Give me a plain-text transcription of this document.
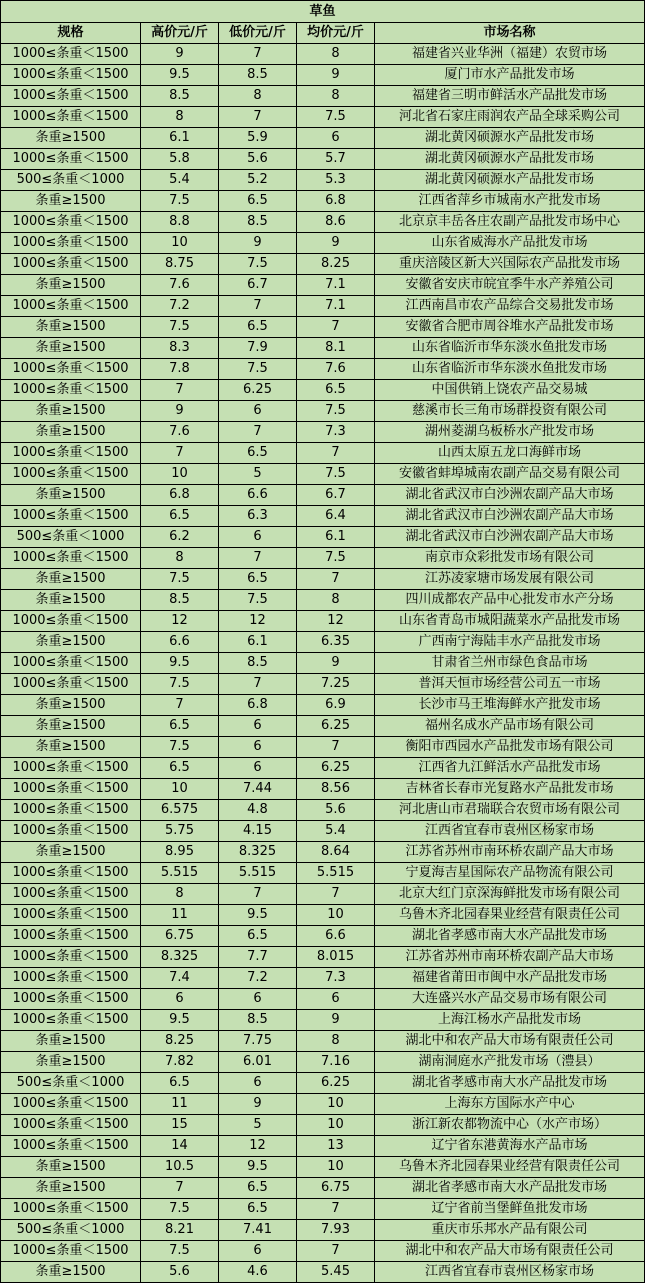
草鱼				
规格	高价元/斤	低价元/斤	均价元/斤	市场名称
1000≤条重＜1500	9	7	8	福建省兴业华洲（福建）农贸市场
1000≤条重＜1500	9.5	8.5	9	厦门市水产品批发市场
1000≤条重＜1500	8.5	8	8	福建省三明市鲜活水产品批发市场
1000≤条重＜1500	8	7	7.5	河北省石家庄雨润农产品全球采购公司
条重≥1500	6.1	5.9	6	湖北黄冈硕源水产品批发市场
1000≤条重＜1500	5.8	5.6	5.7	湖北黄冈硕源水产品批发市场
500≤条重＜1000	5.4	5.2	5.3	湖北黄冈硕源水产品批发市场
条重≥1500	7.5	6.5	6.8	江西省萍乡市城南水产批发市场
1000≤条重＜1500	8.8	8.5	8.6	北京京丰岳各庄农副产品批发市场中心
1000≤条重＜1500	10	9	9	山东省威海水产品批发市场
1000≤条重＜1500	8.75	7.5	8.25	重庆涪陵区新大兴国际农产品批发市场
条重≥1500	7.6	6.7	7.1	安徽省安庆市皖宜季牛水产养殖公司
1000≤条重＜1500	7.2	7	7.1	江西南昌市农产品综合交易批发市场
条重≥1500	7.5	6.5	7	安徽省合肥市周谷堆水产品批发市场
条重≥1500	8.3	7.9	8.1	山东省临沂市华东淡水鱼批发市场
1000≤条重＜1500	7.8	7.5	7.6	山东省临沂市华东淡水鱼批发市场
1000≤条重＜1500	7	6.25	6.5	中国供销上饶农产品交易城
条重≥1500	9	6	7.5	慈溪市长三角市场群投资有限公司
条重≥1500	7.6	7	7.3	湖州菱湖乌板桥水产批发市场
1000≤条重＜1500	7	6.5	7	山西太原五龙口海鲜市场
1000≤条重＜1500	10	5	7.5	安徽省蚌埠城南农副产品交易有限公司
条重≥1500	6.8	6.6	6.7	湖北省武汉市白沙洲农副产品大市场
1000≤条重＜1500	6.5	6.3	6.4	湖北省武汉市白沙洲农副产品大市场
500≤条重＜1000	6.2	6	6.1	湖北省武汉市白沙洲农副产品大市场
1000≤条重＜1500	8	7	7.5	南京市众彩批发市场有限公司
条重≥1500	7.5	6.5	7	江苏凌家塘市场发展有限公司
条重≥1500	8.5	7.5	8	四川成都农产品中心批发市水产分场
1000≤条重＜1500	12	12	12	山东省青岛市城阳蔬菜水产品批发市场
条重≥1500	6.6	6.1	6.35	广西南宁海陆丰水产品批发市场
1000≤条重＜1500	9.5	8.5	9	甘肃省兰州市绿色食品市场
1000≤条重＜1500	7.5	7	7.25	普洱天恒市场经营公司五一市场
条重≥1500	7	6.8	6.9	长沙市马王堆海鲜水产批发市场
条重≥1500	6.5	6	6.25	福州名成水产品市场有限公司
条重≥1500	7.5	6	7	衡阳市西园水产品批发市场有限公司
1000≤条重＜1500	6.5	6	6.25	江西省九江鲜活水产品批发市场
1000≤条重＜1500	10	7.44	8.56	吉林省长春市光复路水产品批发市场
1000≤条重＜1500	6.575	4.8	5.6	河北唐山市君瑞联合农贸市场有限公司
1000≤条重＜1500	5.75	4.15	5.4	江西省宜春市袁州区杨家市场
条重≥1500	8.95	8.325	8.64	江苏省苏州市南环桥农副产品大市场
1000≤条重＜1500	5.515	5.515	5.515	宁夏海吉星国际农产品物流有限公司
1000≤条重＜1500	8	7	7	北京大红门京深海鲜批发市场有限公司
1000≤条重＜1500	11	9.5	10	乌鲁木齐北园春果业经营有限责任公司
1000≤条重＜1500	6.75	6.5	6.6	湖北省孝感市南大水产品批发市场
1000≤条重＜1500	8.325	7.7	8.015	江苏省苏州市南环桥农副产品大市场
1000≤条重＜1500	7.4	7.2	7.3	福建省莆田市闽中水产品批发市场
1000≤条重＜1500	6	6	6	大连盛兴水产品交易市场有限公司
1000≤条重＜1500	9.5	8.5	9	上海江杨水产品批发市场
条重≥1500	8.25	7.75	8	湖北中和农产品大市场有限责任公司
条重≥1500	7.82	6.01	7.16	湖南洞庭水产批发市场（澧县）
500≤条重＜1000	6.5	6	6.25	湖北省孝感市南大水产品批发市场
1000≤条重＜1500	11	9	10	上海东方国际水产中心
1000≤条重＜1500	15	5	10	浙江新农都物流中心（水产市场）
1000≤条重＜1500	14	12	13	辽宁省东港黄海水产品市场
条重≥1500	10.5	9.5	10	乌鲁木齐北园春果业经营有限责任公司
条重≥1500	7	6.5	6.75	湖北省孝感市南大水产品批发市场
1000≤条重＜1500	7.5	6.5	7	辽宁省前当堡鲜鱼批发市场
500≤条重＜1000	8.21	7.41	7.93	重庆市乐邦水产品有限公司
1000≤条重＜1500	7.5	6	7	湖北中和农产品大市场有限责任公司
条重≥1500	5.6	4.6	5.45	江西省宜春市袁州区杨家市场
